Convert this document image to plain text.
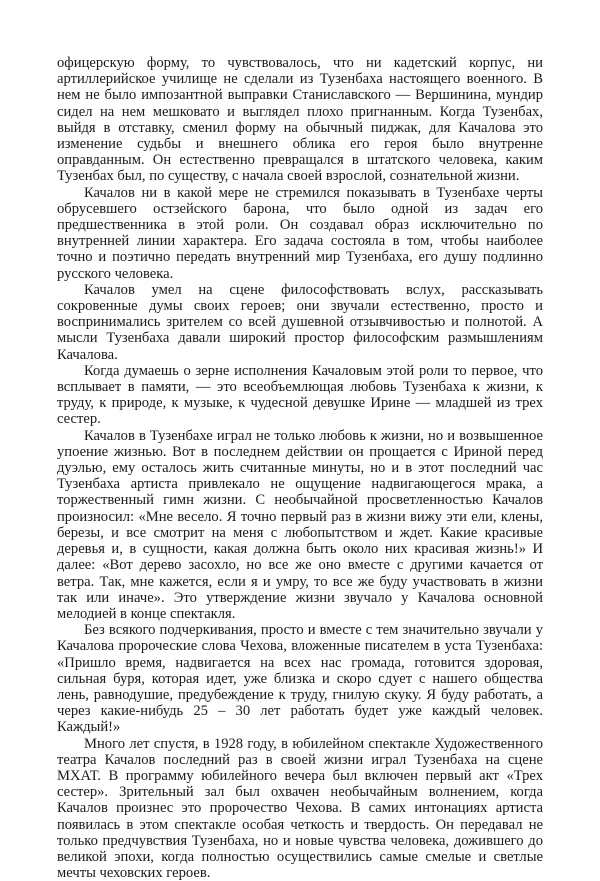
офицерскую форму, то чувствовалось, что ни кадетский корпус, ни артиллерийское училище не сделали из Тузенбаха настоящего военного. В нем не было импозантной выправки Станиславского — Вершинина, мундир сидел на нем мешковато и выглядел плохо пригнанным. Когда Тузенбах, выйдя в отставку, сменил форму на обычный пиджак, для Качалова это изменение судьбы и внешнего облика его героя было внутренне оправданным. Он естественно превращался в штатского человека, каким Тузенбах был, по существу, с начала своей взрослой, сознательной жизни.

Качалов ни в какой мере не стремился показывать в Тузенбахе черты обрусевшего остзейского барона, что было одной из задач его предшественника в этой роли. Он создавал образ исключительно по внутренней линии характера. Его задача состояла в том, чтобы наиболее точно и поэтично передать внутренний мир Тузенбаха, его душу подлинно русского человека.

Качалов умел на сцене философствовать вслух, рассказывать сокровенные думы своих героев; они звучали естественно, просто и воспринимались зрителем со всей душевной отзывчивостью и полнотой. А мысли Тузенбаха давали широкий простор философским размышлениям Качалова.

Когда думаешь о зерне исполнения Качаловым этой роли то первое, что всплывает в памяти, — это всеобъемлющая любовь Тузенбаха к жизни, к труду, к природе, к музыке, к чудесной девушке Ирине — младшей из трех сестер.

Качалов в Тузенбахе играл не только любовь к жизни, но и возвышенное упоение жизнью. Вот в последнем действии он прощается с Ириной перед дуэлью, ему осталось жить считанные минуты, но и в этот последний час Тузенбаха артиста привлекало не ощущение надвигающегося мрака, а торжественный гимн жизни. С необычайной просветленностью Качалов произносил: «Мне весело. Я точно первый раз в жизни вижу эти ели, клены, березы, и все смотрит на меня с любопытством и ждет. Какие красивые деревья и, в сущности, какая должна быть около них красивая жизнь!» И далее: «Вот дерево засохло, но все же оно вместе с другими качается от ветра. Так, мне кажется, если я и умру, то все же буду участвовать в жизни так или иначе». Это утверждение жизни звучало у Качалова основной мелодией в конце спектакля.

Без всякого подчеркивания, просто и вместе с тем значительно звучали у Качалова пророческие слова Чехова, вложенные писателем в уста Тузенбаха: «Пришло время, надвигается на всех нас громада, готовится здоровая, сильная буря, которая идет, уже близка и скоро сдует с нашего общества лень, равнодушие, предубеждение к труду, гнилую скуку. Я буду работать, а через какие-нибудь 25 – 30 лет работать будет уже каждый человек. Каждый!»

Много лет спустя, в 1928 году, в юбилейном спектакле Художественного театра Качалов последний раз в своей жизни играл Тузенбаха на сцене МХАТ. В программу юбилейного вечера был включен первый акт «Трех сестер». Зрительный зал был охвачен необычайным волнением, когда Качалов произнес это пророчество Чехова. В самих интонациях артиста появилась в этом спектакле особая четкость и твердость. Он передавал не только предчувствия Тузенбаха, но и новые чувства человека, дожившего до великой эпохи, когда полностью осуществились самые смелые и светлые мечты чеховских героев.
